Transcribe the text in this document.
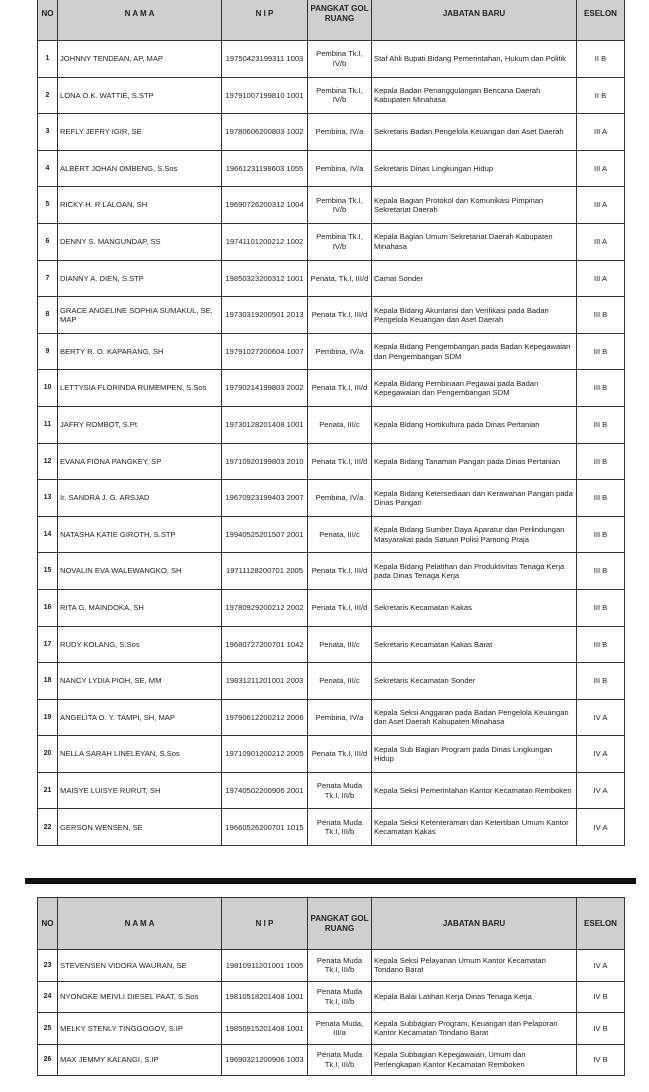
NO	N A M A	N I P	PANGKAT GOL RUANG	JABATAN BARU	ESELON
1	JOHNNY TENDEAN, AP, MAP	19750423199311 1003	Pembina Tk.I, IV/b	Staf Ahli Bupati Bidang Pemerintahan, Hukum dan Politik	II B
2	LONA O.K. WATTIE, S.STP	19791007199810 1001	Pembina Tk.I, IV/b	Kepala Badan Penanggulangan Bencana Daerah Kabupaten Minahasa	II B
3	REFLY JEFRY IGIR, SE	19780606200803 1002	Pembina, IV/a	Sekretaris Badan Pengelola Keuangan dan Aset Daerah	III A
4	ALBERT JOHAN OMBENG, S.Sos	19661231198603 1055	Pembina, IV/a	Sekretaris Dinas Lingkungan Hidup	III A
5	RICKY H. R LALOAN, SH	19690726200312 1004	Pembina Tk.I, IV/b	Kepala Bagian Protokol dan Komunikasi Pimpinan Sekretariat Daerah	III A
6	DENNY S. MANGUNDAP, SS	19741101200212 1002	Pembina Tk.I, IV/b	Kepala Bagian Umum Sekretariat Daerah Kabupaten Minahasa	III A
7	DIANNY A. DIEN, S.STP	19850323200312 1001	Penata, Tk.I, III/d	Camat Sonder	III A
8	GRACE ANGELINE SOPHIA SUMAKUL, SE, MAP	19730319200501 2013	Penata Tk.I, III/d	Kepala Bidang Akuntansi dan Verifikasi pada Badan Pengelola Keuangan dan Aset Daerah	III B
9	BERTY R. O. KAPARANG, SH	19791027200604 1007	Pembina, IV/a	Kepala Bidang Pengembangan pada Badan Kepegawaian dan Pengembangan SDM	III B
10	LETTYSIA FLORINDA RUMEMPEN, S.Sos	19790214199803 2002	Penata Tk.I, III/d	Kepala Bidang Pembinaan Pegawai pada Badan Kepegawaian dan Pengembangan SDM	III B
11	JAFRY ROMBOT, S.Pt	19730128201408 1001	Penata, III/c	Kepala Bidang Hortikultura pada Dinas Pertanian	III B
12	EVANA FIONA PANGKEY, SP	19710920199803 2010	Penata Tk.I, III/d	Kepala Bidang Tanaman Pangan pada Dinas Pertanian	III B
13	Ir. SANDRA J. G. ARSJAD	19670923199403 2007	Pembina, IV/a	Kepala Bidang Ketersediaan dan Kerawanan Pangan pada Dinas Pangan	III B
14	NATASHA KATIE GIROTH, S.STP	19940525201507 2001	Penata, III/c	Kepala Bidang Sumber Daya Aparatur dan Perlindungan Masyarakat pada Satuan Polisi Pamong Praja	III B
15	NOVALIN EVA WALEWANGKO, SH	19711128200701 2005	Penata Tk.I, III/d	Kepala Bidang Pelatihan dan Produktivitas Tenaga Kerja pada Dinas Tenaga Kerja	III B
16	RITA G. MAINDOKA, SH	19780929200212 2002	Penata Tk.I, III/d	Sekretaris Kecamatan Kakas	III B
17	RUDY KOLANG, S.Sos	19680727200701 1042	Penata, III/c	Sekretaris Kecamatan Kakas Barat	III B
18	NANCY LYDIA PIOH, SE, MM	19831211201001 2003	Penata, III/c	Sekretaris Kecamatan Sonder	III B
19	ANGELITA O. Y. TAMPI, SH, MAP	19790612200212 2006	Pembina, IV/a	Kepala Seksi Anggaran pada Badan Pengelola Keuangan dan Aset Daerah Kabupaten Minahasa	IV A
20	NELLA SARAH LINELEYAN, S.Sos	19710901200212 2005	Penata Tk.I, III/d	Kepala Sub Bagian Program pada Dinas Lingkungan Hidup	IV A
21	MAISYE LUISYE RURUT, SH	19740502200906 2001	Penata Muda Tk.I, III/b	Kepala Seksi Pemerintahan Kantor Kecamatan Remboken	IV A
22	GERSON WENSEN, SE	19660526200701 1015	Penata Muda Tk.I, III/b	Kepala Seksi Ketenteraman dan Ketertiban Umum Kantor Kecamatan Kakas	IV A
NO	N A M A	N I P	PANGKAT GOL RUANG	JABATAN BARU	ESELON
23	STEVENSEN VIDORA WAURAN, SE	19810911201001 1005	Penata Muda Tk.I, III/b	Kepala Seksi Pelayanan Umum Kantor Kecamatan Tondano Barat	IV A
24	NYONGKE MEIVLI DIESEL PAAT, S.Sos	19810518201408 1001	Penata Muda Tk.I, III/b	Kepala Balai Latihan Kerja Dinas Tenaga Kerja	IV B
25	MELKY STENLY TINGGOGOY, S.IP	19850915201408 1001	Penata Muda, III/a	Kepala Subbagian Program, Keuangan dan Pelaporan Kantor Kecamatan Tondano Barat	IV B
26	MAX JEMMY KALANGI, S.IP	19690321200906 1003	Penata Muda Tk.I, III/b	Kepala Subbagian Kepegawaian, Umum dan Perlengkapan Kantor Kecamatan Remboken	IV B
